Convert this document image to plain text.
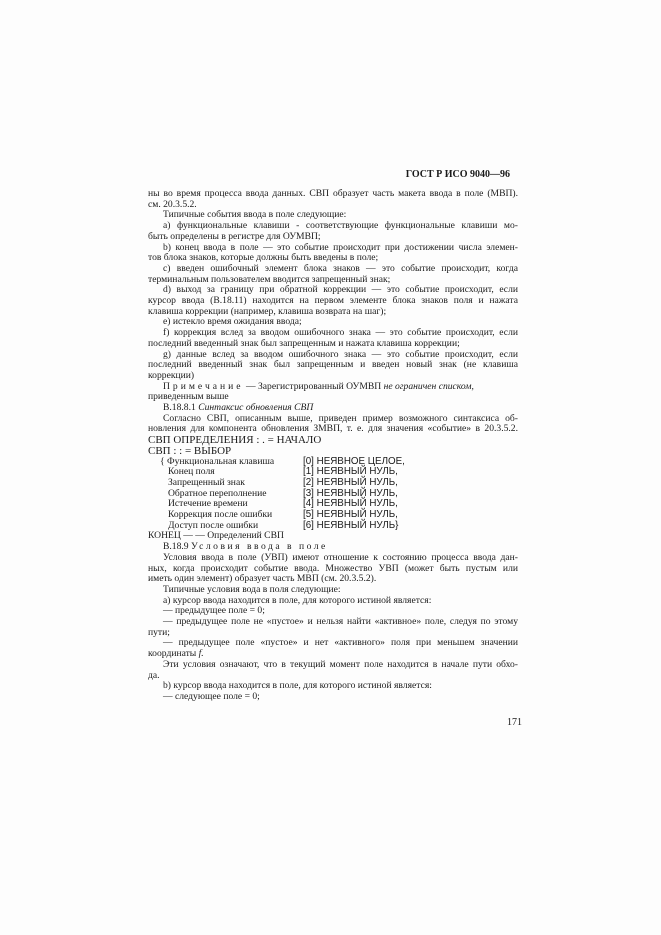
ГОСТ Р ИСО 9040—96
ны во время процесса ввода данных. СВП образует часть макета ввода в поле (МВП).
см. 20.3.5.2.
Типичные события ввода в поле следующие:
а) функциональные клавиши - соответствующие функциональные клавиши мо-
быть определены в регистре для ОУМВП;
b) конец ввода в поле — это событие происходит при достижении числа элемен-
тов блока знаков, которые должны быть введены в поле;
c) введен ошибочный элемент блока знаков — это событие происходит, когда
терминальным пользователем вводится запрещенный знак;
d) выход за границу при обратной коррекции — это событие происходит, если
курсор ввода (В.18.11) находится на первом элементе блока знаков поля и нажата
клавиша коррекции (например, клавиша возврата на шаг);
e) истекло время ожидания ввода;
f) коррекция вслед за вводом ошибочного знака — это событие происходит, если
последний введенный знак был запрещенным и нажата клавиша коррекции;
g) данные вслед за вводом ошибочного знака — это событие происходит, если
последний введенный знак был запрещенным и введен новый знак (не клавиша
коррекции)
Примечание — Зарегистрированный ОУМВП не ограничен списком,
приведенным выше
В.18.8.1 Синтаксис обновления СВП
Согласно СВП, описанным выше, приведен пример возможного синтаксиса об-
новления для компонента обновления ЗМВП, т. е. для значения «событие» в 20.3.5.2.
СВП ОПРЕДЕЛЕНИЯ : . = НАЧАЛО
СВП : : = ВЫБОР
{ Функциональная клавиша	[0] НЕЯВНОЕ ЦЕЛОЕ,
Конец поля	[1] НЕЯВНЫЙ НУЛЬ,
Запрещенный знак	[2] НЕЯВНЫЙ НУЛЬ,
Обратное переполнение	[3] НЕЯВНЫЙ НУЛЬ,
Истечение времени	[4] НЕЯВНЫЙ НУЛЬ,
Коррекция после ошибки	[5] НЕЯВНЫЙ НУЛЬ,
Доступ после ошибки	[6] НЕЯВНЫЙ НУЛЬ}
КОНЕЦ — — Определений СВП
В.18.9 Условия ввода в поле
Условия ввода в поле (УВП) имеют отношение к состоянию процесса ввода дан-
ных, когда происходит событие ввода. Множество УВП (может быть пустым или
иметь один элемент) образует часть МВП (см. 20.3.5.2).
Типичные условия вода в поля следующие:
а) курсор ввода находится в поле, для которого истиной является:
— предыдущее поле = 0;
— предыдущее поле не «пустое» и нельзя найти «активное» поле, следуя по этому
пути;
— предыдущее поле «пустое» и нет «активного» поля при меньшем значении
координаты f.
Эти условия означают, что в текущий момент поле находится в начале пути обхо-
да.
b) курсор ввода находится в поле, для которого истиной является:
— следующее поле = 0;
171
